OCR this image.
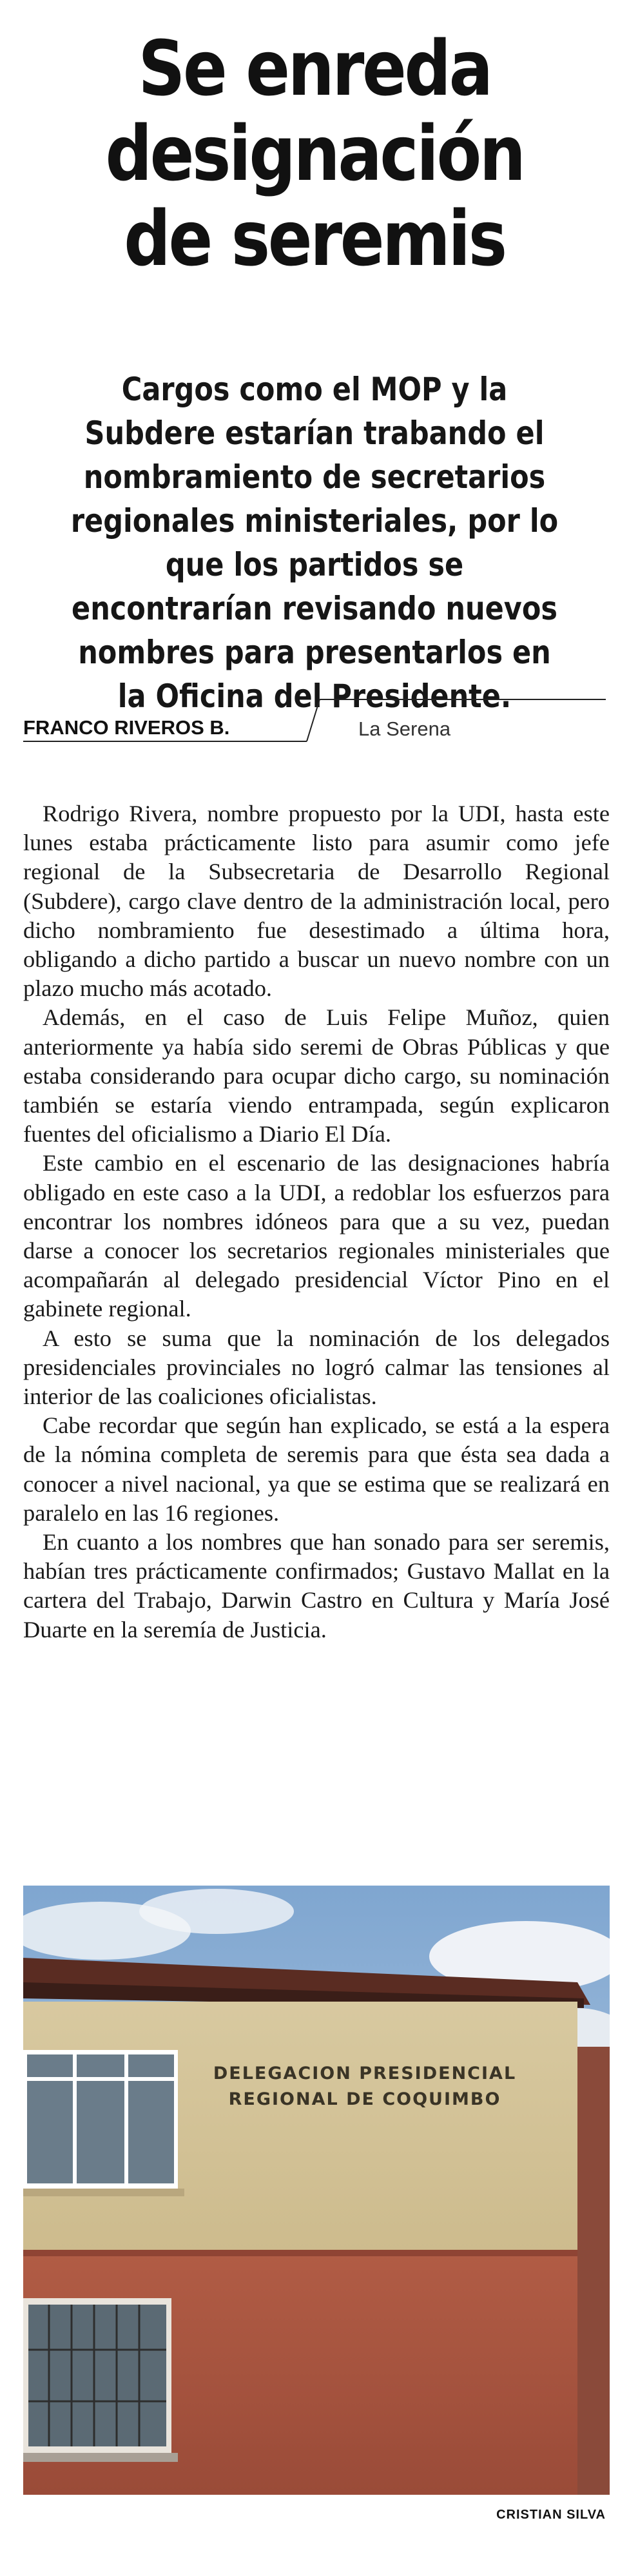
Se enreda designación de seremis
Cargos como el MOP y la Subdere estarían trabando el nombramiento de secretarios regionales ministeriales, por lo que los partidos se encontrarían revisando nuevos nombres para presentarlos en la Oficina del Presidente.
FRANCO RIVEROS B.	La Serena

Rodrigo Rivera, nombre propuesto por la UDI, hasta este lunes estaba prácticamente listo para asumir como jefe regional de la Subsecretaria de Desarrollo Regional (Subdere), cargo clave dentro de la administración local, pero dicho nombramiento fue desestimado a última hora, obligando a dicho partido a buscar un nuevo nombre con un plazo mucho más acotado.

Además, en el caso de Luis Felipe Muñoz, quien anteriormente ya había sido seremi de Obras Públicas y que estaba considerando para ocupar dicho cargo, su nominación también se estaría viendo entrampada, según explicaron fuentes del oficialismo a Diario El Día.

Este cambio en el escenario de las designaciones habría obligado en este caso a la UDI, a redoblar los esfuerzos para encontrar los nombres idóneos para que a su vez, puedan darse a conocer los secretarios regionales ministeriales que acompañarán al delegado presidencial Víctor Pino en el gabinete regional.

A esto se suma que la nominación de los delegados presidenciales provinciales no logró calmar las tensiones al interior de las coaliciones oficialistas.

Cabe recordar que según han explicado, se está a la espera de la nómina completa de seremis para que ésta sea dada a conocer a nivel nacional, ya que se estima que se realizará en paralelo en las 16 regiones.

En cuanto a los nombres que han sonado para ser seremis, habían tres prácticamente confirmados; Gustavo Mallat en la cartera del Trabajo, Darwin Castro en Cultura y María José Duarte en la seremía de Justicia.

DELEGACION PRESIDENCIAL
REGIONAL DE COQUIMBO
CRISTIAN SILVA
